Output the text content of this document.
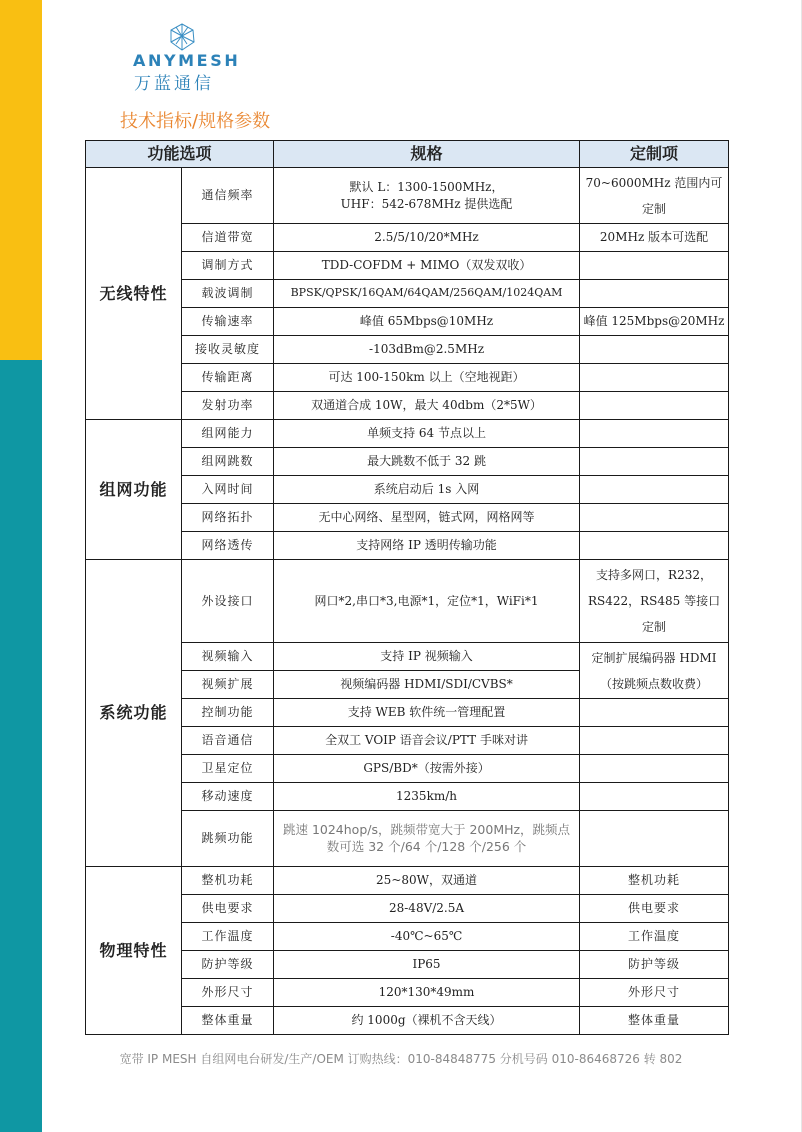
ANYMESH
万蓝通信
技术指标/规格参数
功能选项		规格	定制项
无线特性	通信频率	默认 L：1300-1500MHz，
UHF：542-678MHz 提供选配	70~6000MHz 范围内可定制
	信道带宽	2.5/5/10/20*MHz	20MHz 版本可选配
	调制方式	TDD-COFDM + MIMO（双发双收）	
	载波调制	BPSK/QPSK/16QAM/64QAM/256QAM/1024QAM	
	传输速率	峰值 65Mbps@10MHz	峰值 125Mbps@20MHz
	接收灵敏度	-103dBm@2.5MHz	
	传输距离	可达 100-150km 以上（空地视距）	
	发射功率	双通道合成 10W，最大 40dbm（2*5W）	
组网功能	组网能力	单频支持 64 节点以上	
	组网跳数	最大跳数不低于 32 跳	
	入网时间	系统启动后 1s 入网	
	网络拓扑	无中心网络、星型网，链式网，网格网等	
	网络透传	支持网络 IP 透明传输功能	
系统功能	外设接口	网口*2,串口*3,电源*1，定位*1，WiFi*1	支持多网口，R232，RS422，RS485 等接口定制
	视频输入	支持 IP 视频输入	定制扩展编码器 HDMI（按跳频点数收费）
	视频扩展	视频编码器 HDMI/SDI/CVBS*	
	控制功能	支持 WEB 软件统一管理配置	
	语音通信	全双工 VOIP 语音会议/PTT 手咪对讲	
	卫星定位	GPS/BD*（按需外接）	
	移动速度	1235km/h	
	跳频功能	跳速 1024hop/s，跳频带宽大于 200MHz，跳频点数可选 32 个/64 个/128 个/256 个	
物理特性	整机功耗	25~80W，双通道	整机功耗
	供电要求	28-48V/2.5A	供电要求
	工作温度	-40℃~65℃	工作温度
	防护等级	IP65	防护等级
	外形尺寸	120*130*49mm	外形尺寸
	整体重量	约 1000g（裸机不含天线）	整体重量
宽带 IP MESH 自组网电台研发/生产/OEM 订购热线：010-84848775 分机号码 010-86468726 转 802
